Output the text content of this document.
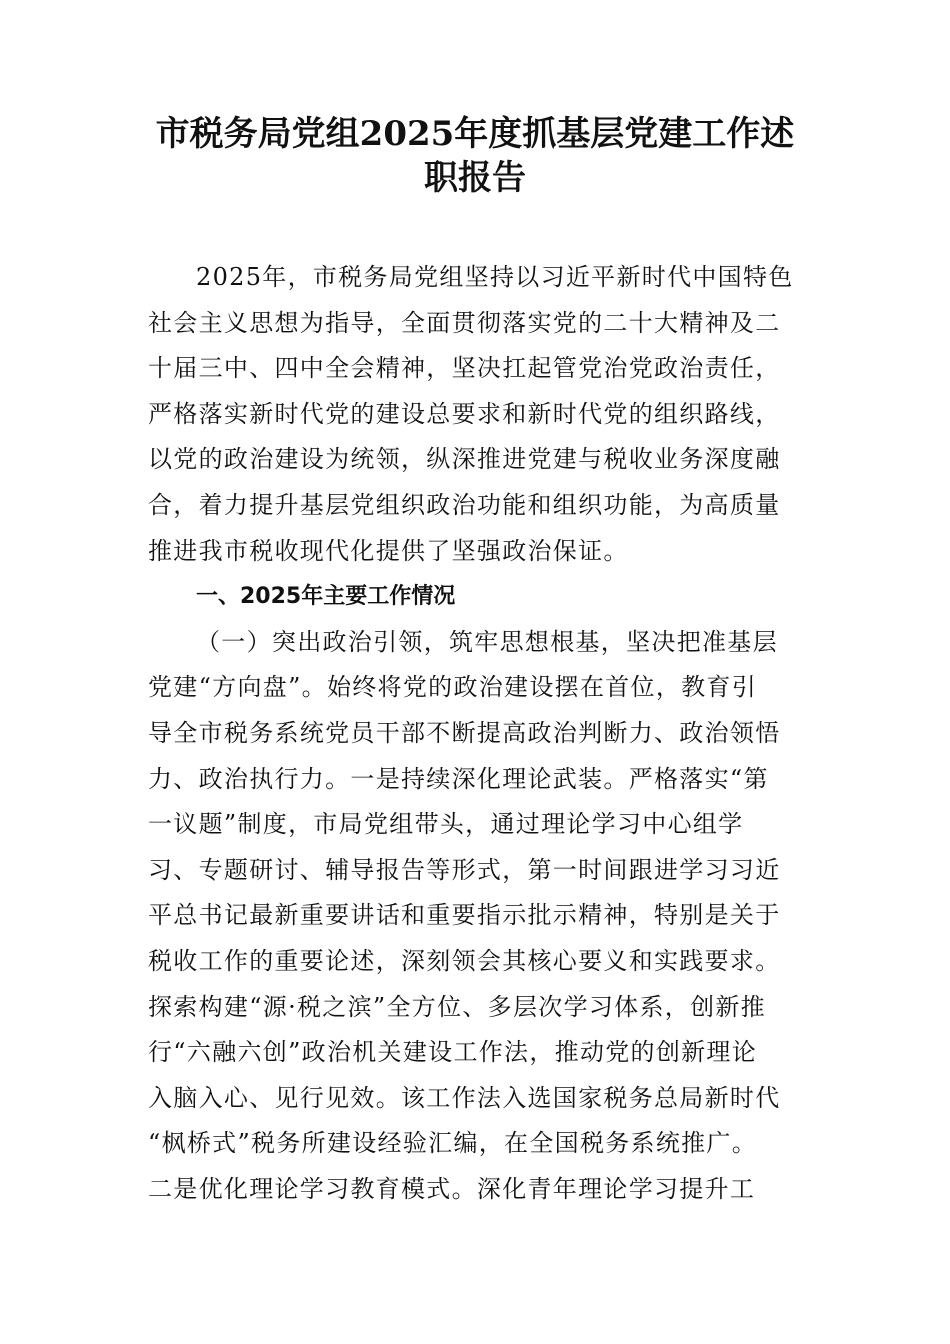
市税务局党组2025年度抓基层党建工作述
职报告
2025年，市税务局党组坚持以习近平新时代中国特色
社会主义思想为指导，全面贯彻落实党的二十大精神及二
十届三中、四中全会精神，坚决扛起管党治党政治责任，
严格落实新时代党的建设总要求和新时代党的组织路线，
以党的政治建设为统领，纵深推进党建与税收业务深度融
合，着力提升基层党组织政治功能和组织功能，为高质量
推进我市税收现代化提供了坚强政治保证。
一、2025年主要工作情况
（一）突出政治引领，筑牢思想根基，坚决把准基层
党建“方向盘”。始终将党的政治建设摆在首位，教育引
导全市税务系统党员干部不断提高政治判断力、政治领悟
力、政治执行力。一是持续深化理论武装。严格落实“第
一议题”制度，市局党组带头，通过理论学习中心组学
习、专题研讨、辅导报告等形式，第一时间跟进学习习近
平总书记最新重要讲话和重要指示批示精神，特别是关于
税收工作的重要论述，深刻领会其核心要义和实践要求。
探索构建“源·税之滨”全方位、多层次学习体系，创新推
行“六融六创”政治机关建设工作法，推动党的创新理论
入脑入心、见行见效。该工作法入选国家税务总局新时代
“枫桥式”税务所建设经验汇编，在全国税务系统推广。
二是优化理论学习教育模式。深化青年理论学习提升工
